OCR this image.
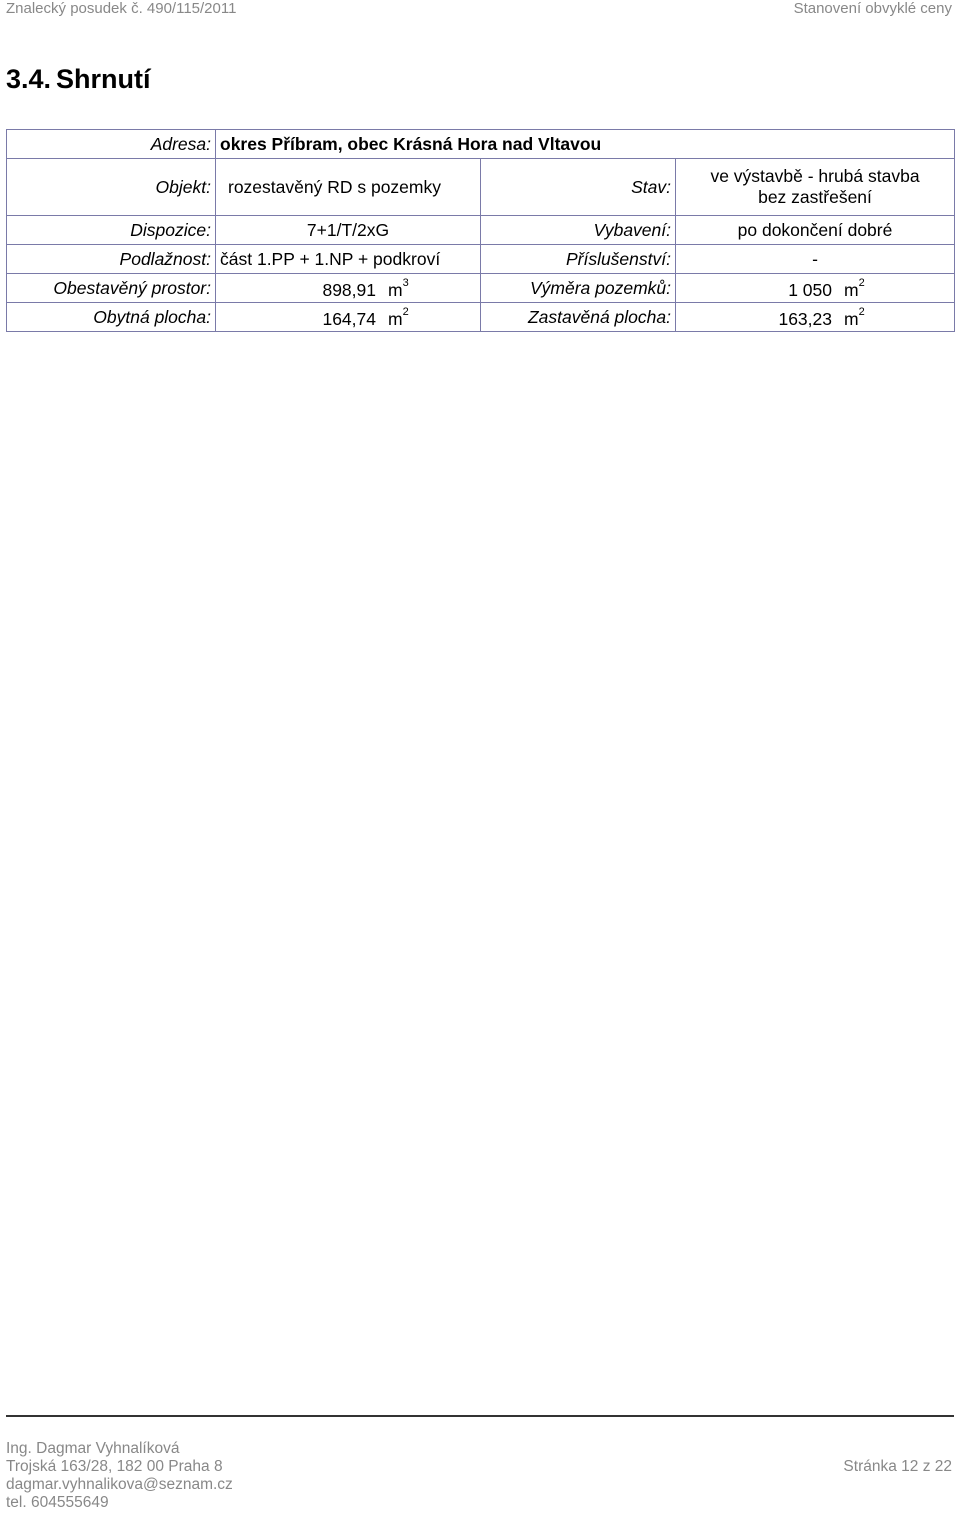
Znalecký posudek č. 490/115/2011	Stanovení obvyklé ceny
3.4. Shrnutí
Adresa:	okres Příbram, obec Krásná Hora nad Vltavou		
Objekt:	rozestavěný RD s pozemky	Stav:	ve výstavbě - hrubá stavba
bez zastřešení

Dispozice:	7+1/T/2xG	Vybavení:	po dokončení dobré
Podlažnost:	část 1.PP + 1.NP + podkroví	Příslušenství:	-
Obestavěný prostor:	898,91 $m^3$	Výměra pozemků:	1 050 $m^2$
Obytná plocha:	164,74 $m^2$	Zastavěná plocha:	163,23 $m^2$
Ing. Dagmar Vyhnalíková
Trojská 163/28, 182 00 Praha 8
dagmar.vyhnalikova@seznam.cz
tel. 604555649
Stránka 12 z 22
